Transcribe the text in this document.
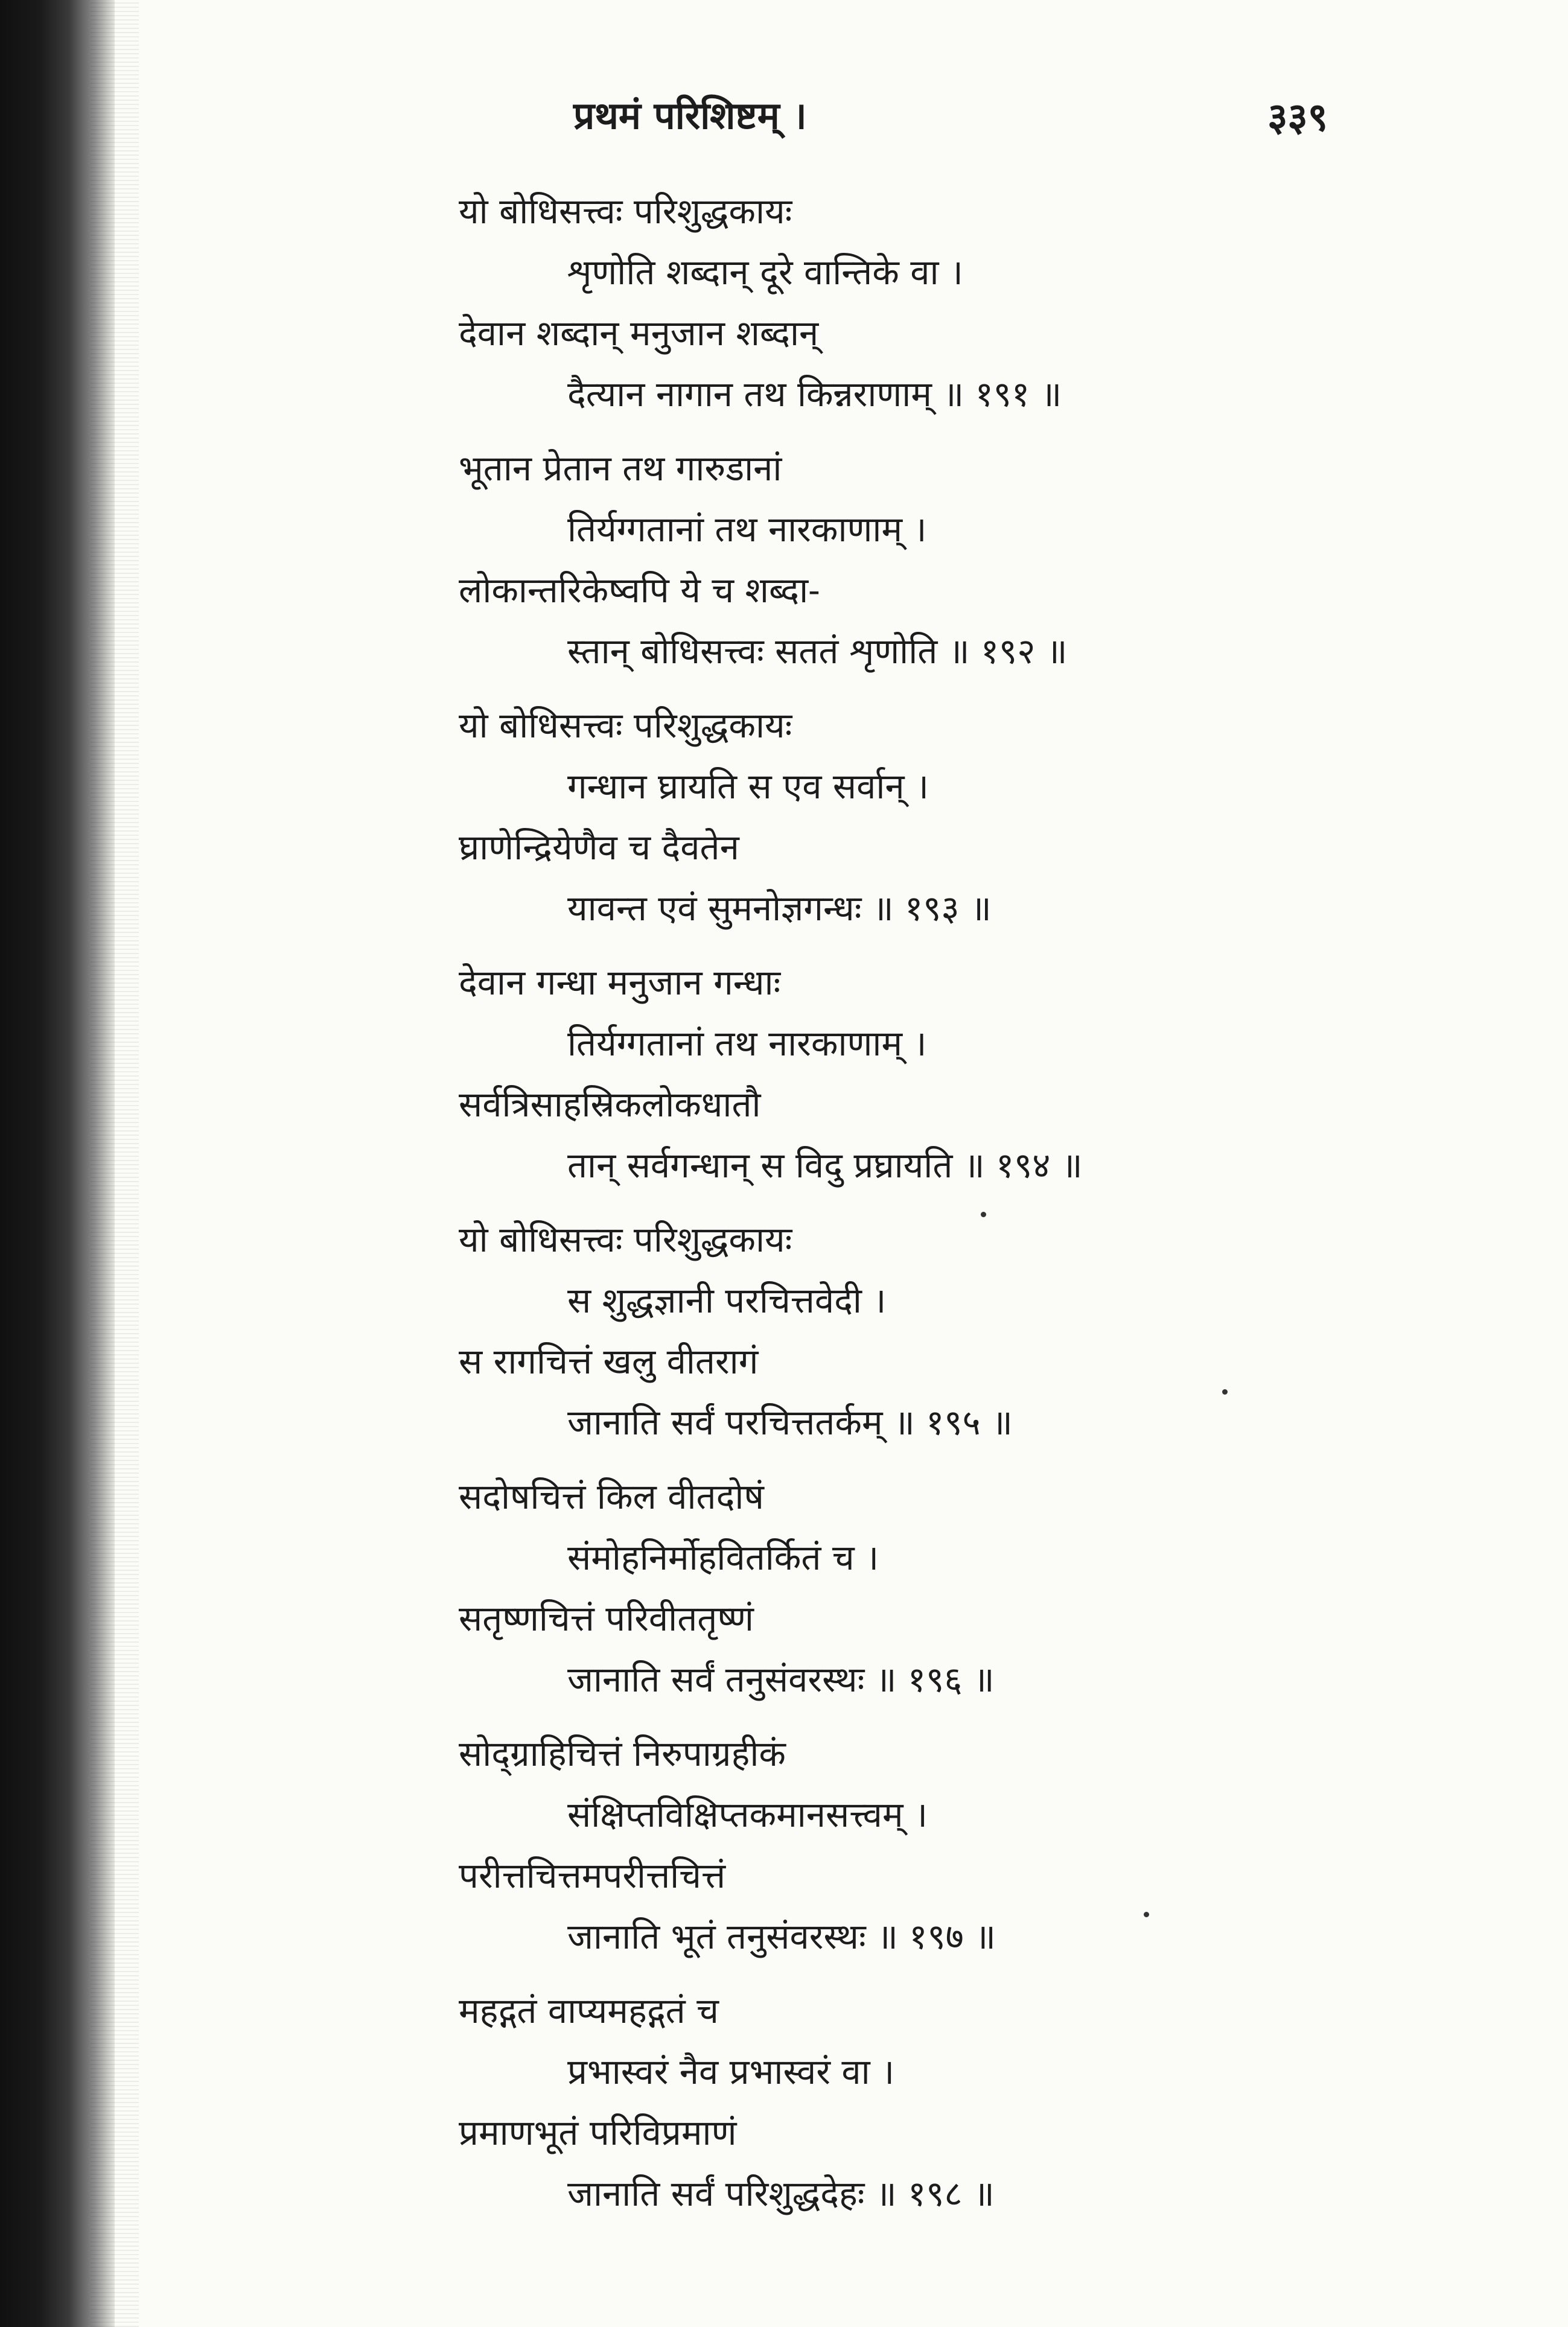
प्रथमं परिशिष्टम् ।	३३९
यो बोधिसत्त्वः परिशुद्धकायः
शृणोति शब्दान् दूरे वान्तिके वा ।
देवान शब्दान् मनुजान शब्दान्
दैत्यान नागान तथ किन्नराणाम् ॥ १९१ ॥
भूतान प्रेतान तथ गारुडानां
तिर्यग्गतानां तथ नारकाणाम् ।
लोकान्तरिकेष्वपि ये च शब्दा-
स्तान् बोधिसत्त्वः सततं शृणोति ॥ १९२ ॥
यो बोधिसत्त्वः परिशुद्धकायः
गन्धान घ्रायति स एव सर्वान् ।
घ्राणेन्द्रियेणैव च दैवतेन
यावन्त एवं सुमनोज्ञगन्धः ॥ १९३ ॥
देवान गन्धा मनुजान गन्धाः
तिर्यग्गतानां तथ नारकाणाम् ।
सर्वत्रिसाहस्रिकलोकधातौ
तान् सर्वगन्धान् स विदु प्रघ्रायति ॥ १९४ ॥
यो बोधिसत्त्वः परिशुद्धकायः
स शुद्धज्ञानी परचित्तवेदी ।
स रागचित्तं खलु वीतरागं
जानाति सर्वं परचित्ततर्कम् ॥ १९५ ॥
सदोषचित्तं किल वीतदोषं
संमोहनिर्मोहवितर्कितं च ।
सतृष्णचित्तं परिवीततृष्णं
जानाति सर्वं तनुसंवरस्थः ॥ १९६ ॥
सोद्ग्राहिचित्तं निरुपाग्रहीकं
संक्षिप्तविक्षिप्तकमानसत्त्वम् ।
परीत्तचित्तमपरीत्तचित्तं
जानाति भूतं तनुसंवरस्थः ॥ १९७ ॥
महद्गतं वाप्यमहद्गतं च
प्रभास्वरं नैव प्रभास्वरं वा ।
प्रमाणभूतं परिविप्रमाणं
जानाति सर्वं परिशुद्धदेहः ॥ १९८ ॥
